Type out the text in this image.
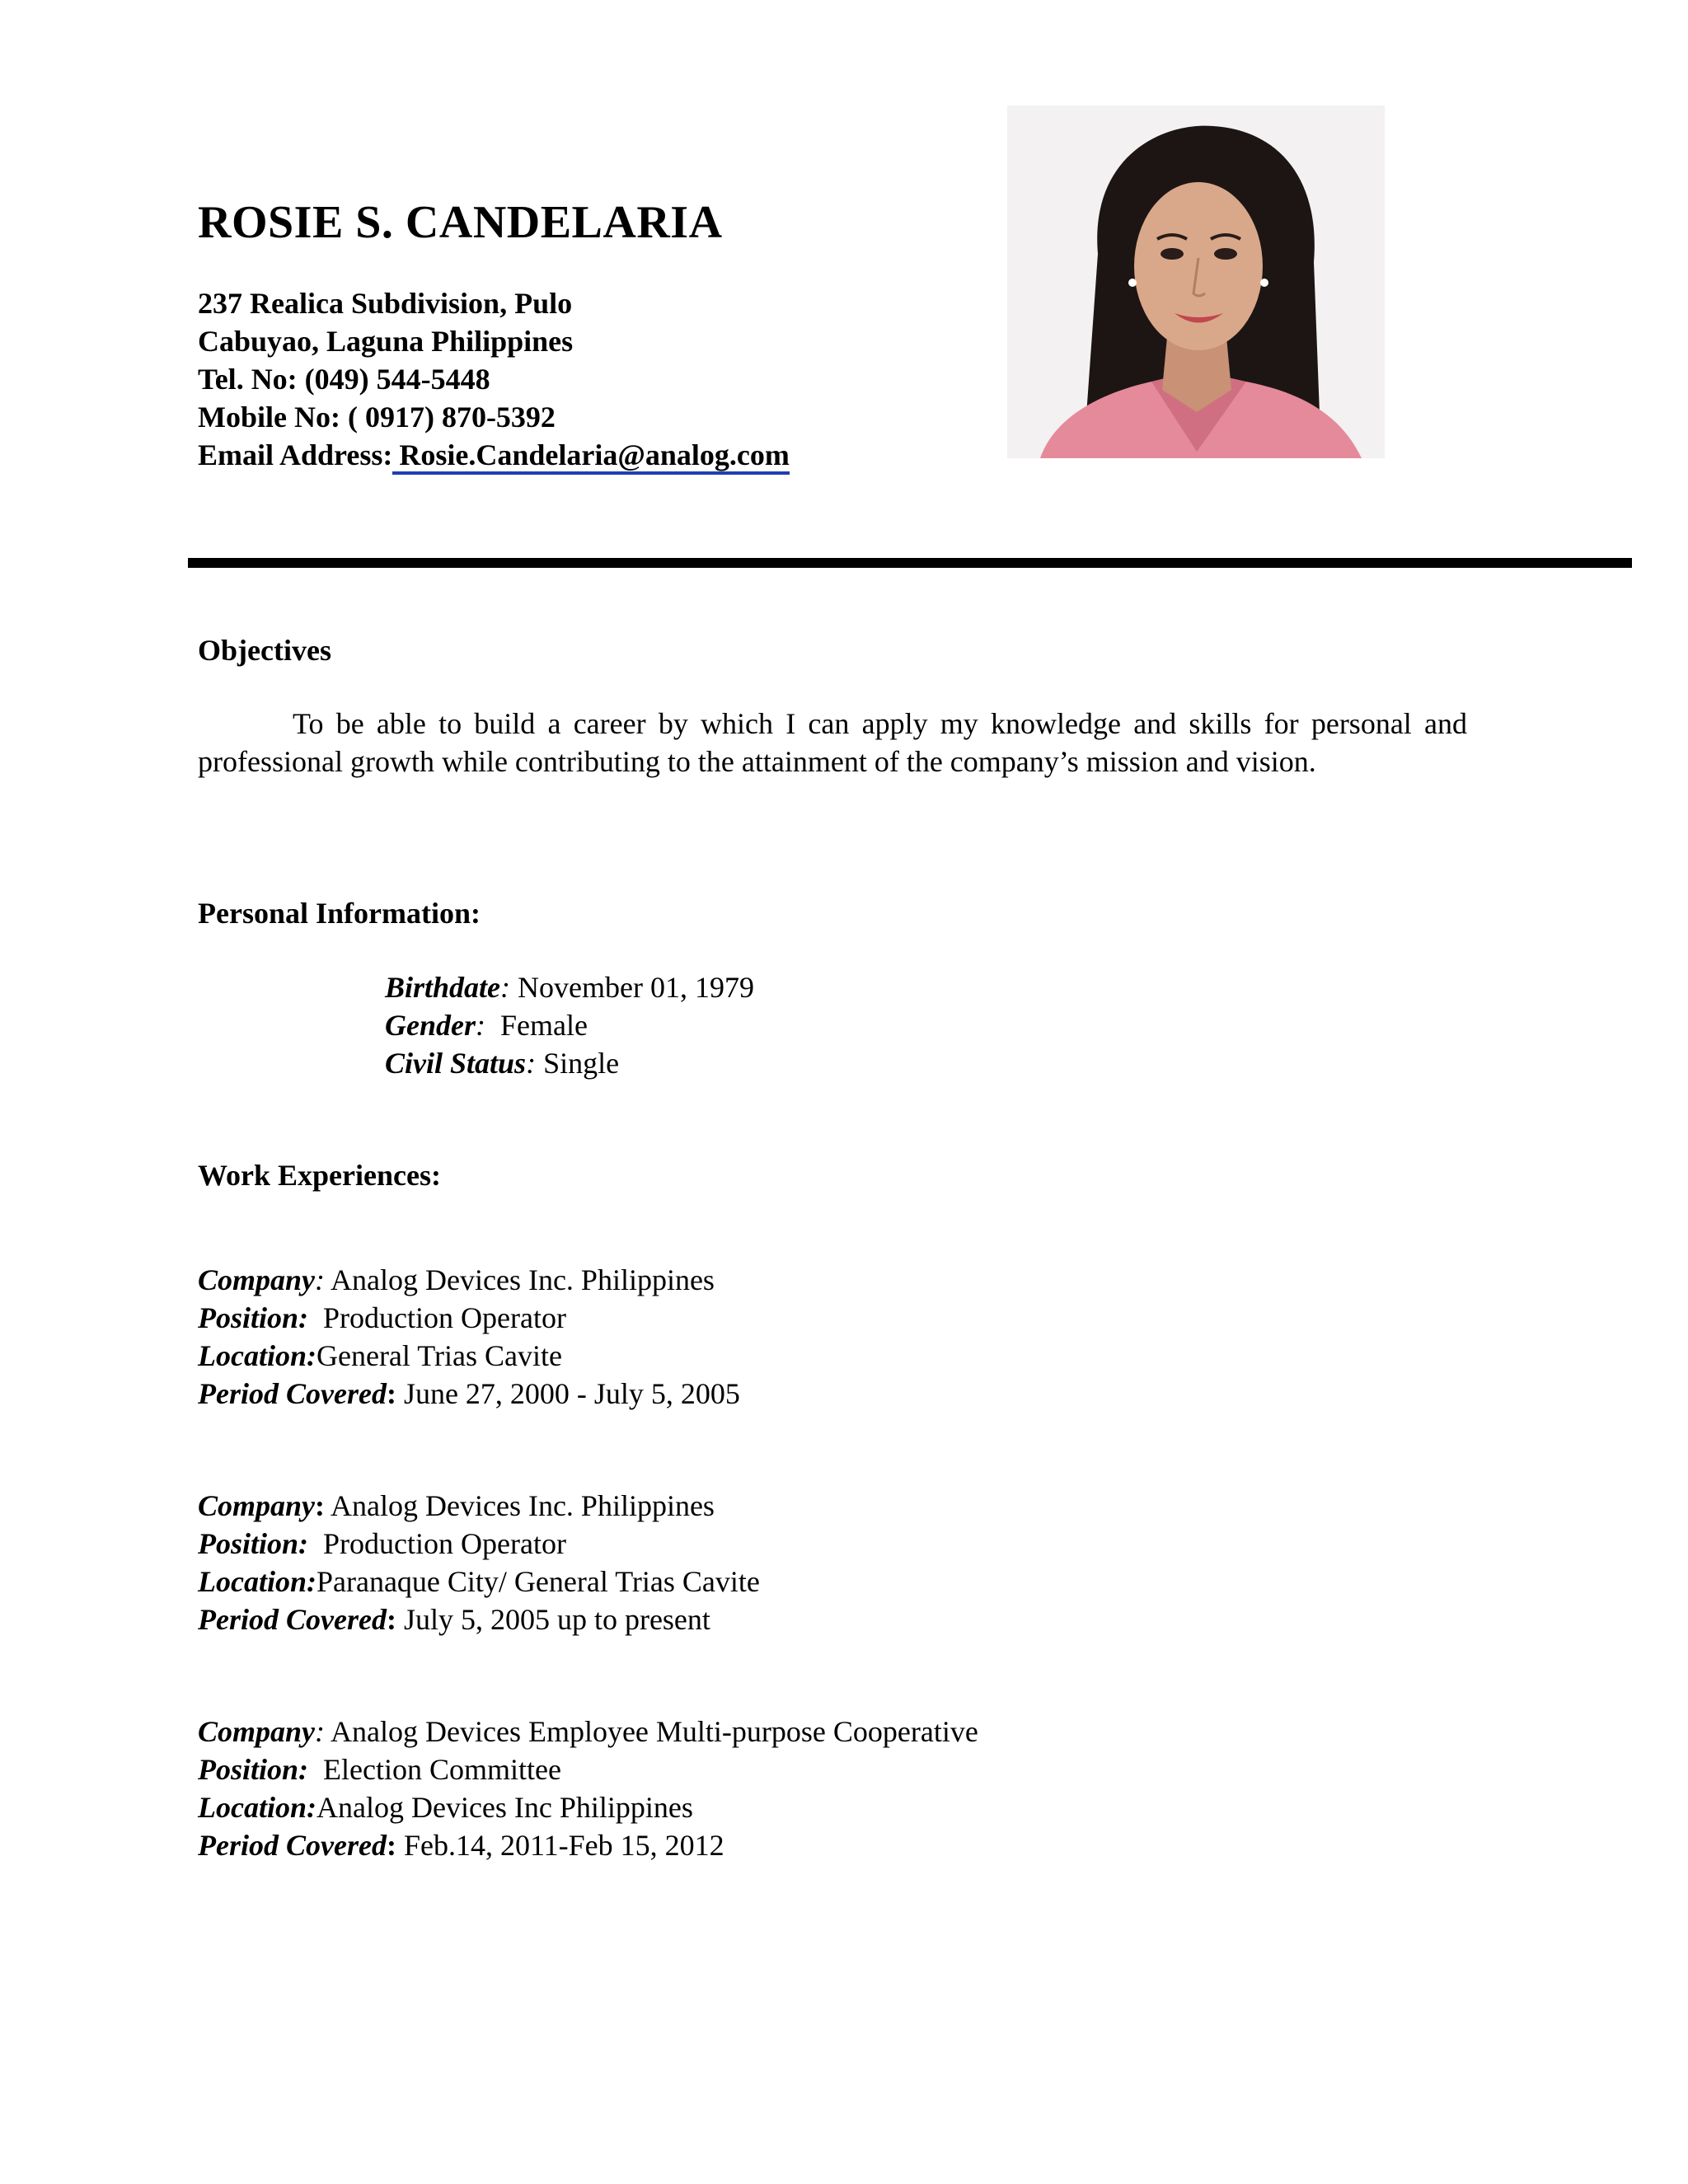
ROSIE S. CANDELARIA
237 Realica Subdivision, Pulo
Cabuyao, Laguna Philippines
Tel. No: (049) 544-5448
Mobile No: ( 0917) 870-5392
Email Address: Rosie.Candelaria@analog.com
Objectives
To be able to build a career by which I can apply my knowledge and skills for personal and professional growth while contributing to the attainment of the company’s mission and vision.
Personal Information:
Birthdate: November 01, 1979
Gender: Female
Civil Status: Single
Work Experiences:
Company: Analog Devices Inc. Philippines
Position: Production Operator
Location:General Trias Cavite
Period Covered: June 27, 2000 - July 5, 2005
Company: Analog Devices Inc. Philippines
Position: Production Operator
Location:Paranaque City/ General Trias Cavite
Period Covered: July 5, 2005 up to present
Company: Analog Devices Employee Multi-purpose Cooperative
Position: Election Committee
Location:Analog Devices Inc Philippines
Period Covered: Feb.14, 2011-Feb 15, 2012
